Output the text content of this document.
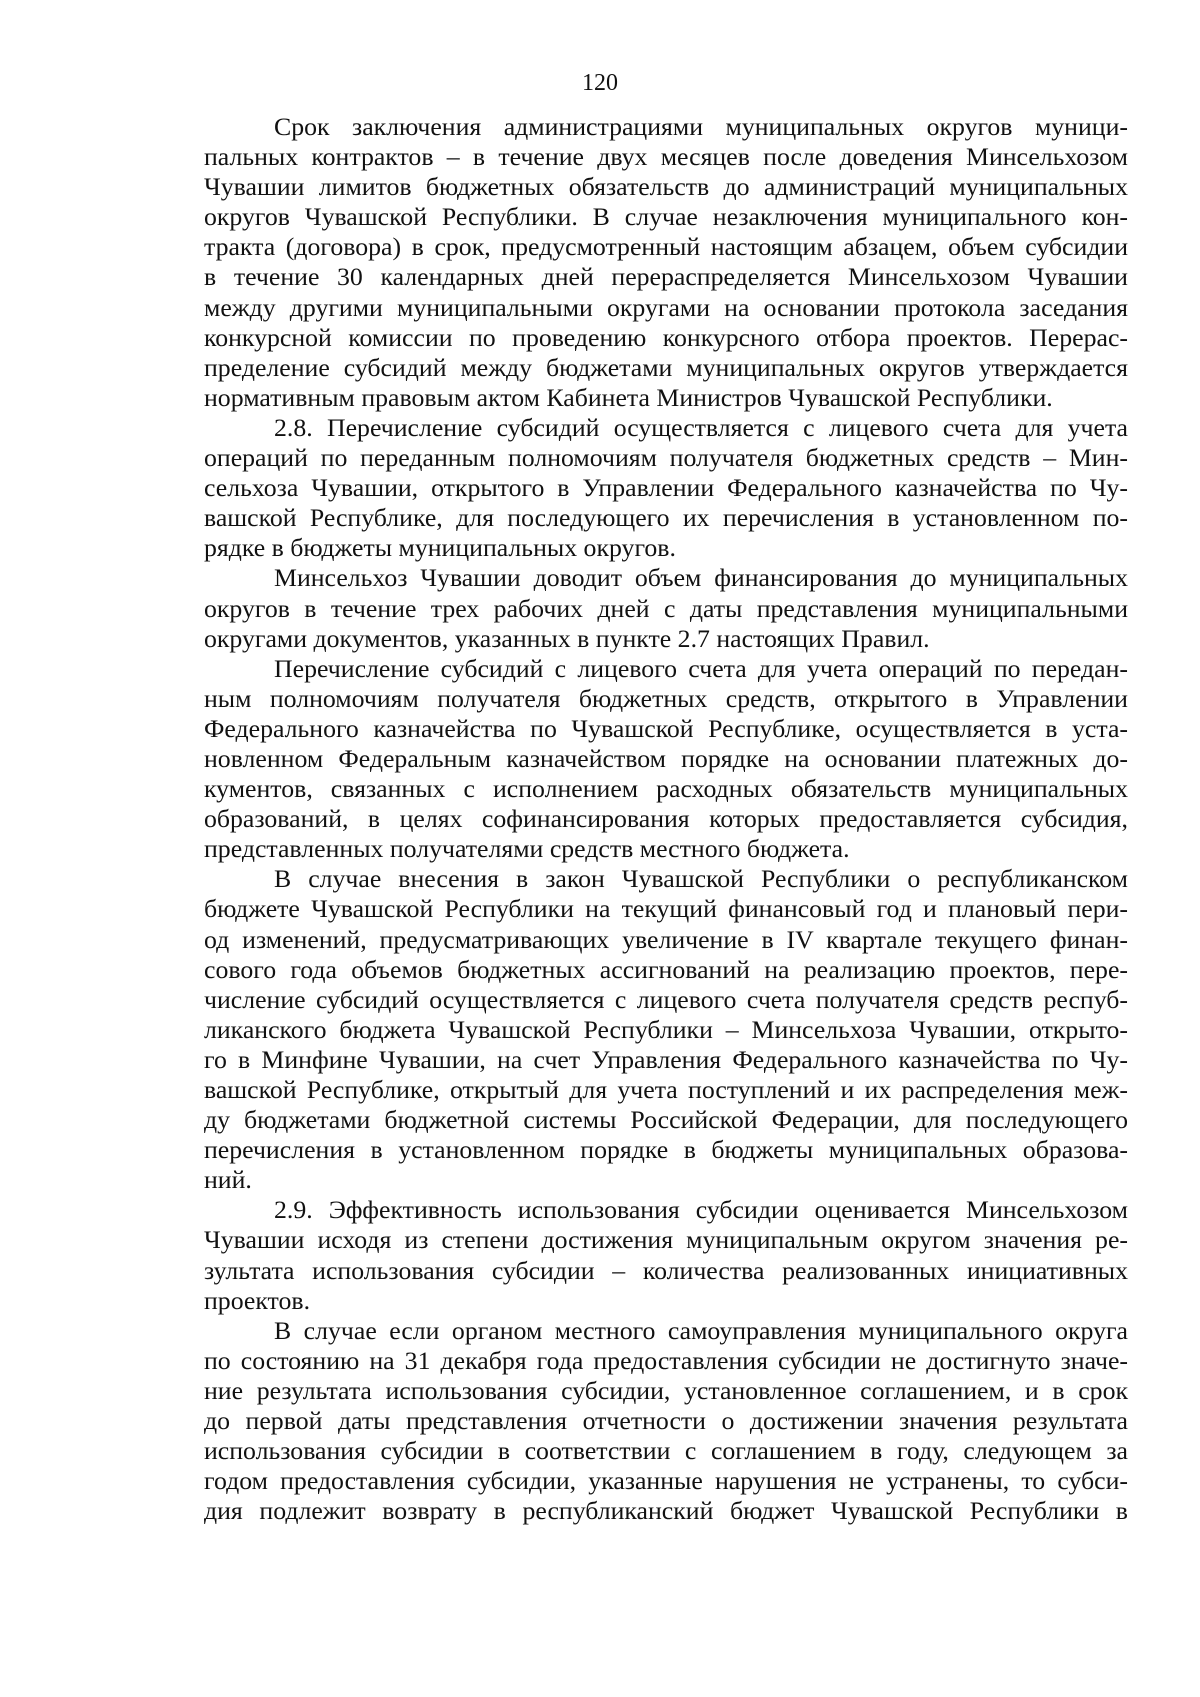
120
Срок заключения администрациями муниципальных округов муници-
пальных контрактов – в течение двух месяцев после доведения Минсельхозом
Чувашии лимитов бюджетных обязательств до администраций муниципальных
округов Чувашской Республики. В случае незаключения муниципального кон-
тракта (договора) в срок, предусмотренный настоящим абзацем, объем субсидии
в течение 30 календарных дней перераспределяется Минсельхозом Чувашии
между другими муниципальными округами на основании протокола заседания
конкурсной комиссии по проведению конкурсного отбора проектов. Перерас-
пределение субсидий между бюджетами муниципальных округов утверждается
нормативным правовым актом Кабинета Министров Чувашской Республики.
2.8. Перечисление субсидий осуществляется с лицевого счета для учета
операций по переданным полномочиям получателя бюджетных средств – Мин-
сельхоза Чувашии, открытого в Управлении Федерального казначейства по Чу-
вашской Республике, для последующего их перечисления в установленном по-
рядке в бюджеты муниципальных округов.
Минсельхоз Чувашии доводит объем финансирования до муниципальных
округов в течение трех рабочих дней с даты представления муниципальными
округами документов, указанных в пункте 2.7 настоящих Правил.
Перечисление субсидий с лицевого счета для учета операций по передан-
ным полномочиям получателя бюджетных средств, открытого в Управлении
Федерального казначейства по Чувашской Республике, осуществляется в уста-
новленном Федеральным казначейством порядке на основании платежных до-
кументов, связанных с исполнением расходных обязательств муниципальных
образований, в целях софинансирования которых предоставляется субсидия,
представленных получателями средств местного бюджета.
В случае внесения в закон Чувашской Республики о республиканском
бюджете Чувашской Республики на текущий финансовый год и плановый пери-
од изменений, предусматривающих увеличение в IV квартале текущего финан-
сового года объемов бюджетных ассигнований на реализацию проектов, пере-
числение субсидий осуществляется с лицевого счета получателя средств респуб-
ликанского бюджета Чувашской Республики – Минсельхоза Чувашии, открыто-
го в Минфине Чувашии, на счет Управления Федерального казначейства по Чу-
вашской Республике, открытый для учета поступлений и их распределения меж-
ду бюджетами бюджетной системы Российской Федерации, для последующего
перечисления в установленном порядке в бюджеты муниципальных образова-
ний.
2.9. Эффективность использования субсидии оценивается Минсельхозом
Чувашии исходя из степени достижения муниципальным округом значения ре-
зультата использования субсидии – количества реализованных инициативных
проектов.
В случае если органом местного самоуправления муниципального округа
по состоянию на 31 декабря года предоставления субсидии не достигнуто значе-
ние результата использования субсидии, установленное соглашением, и в срок
до первой даты представления отчетности о достижении значения результата
использования субсидии в соответствии с соглашением в году, следующем за
годом предоставления субсидии, указанные нарушения не устранены, то субси-
дия подлежит возврату в республиканский бюджет Чувашской Республики в
